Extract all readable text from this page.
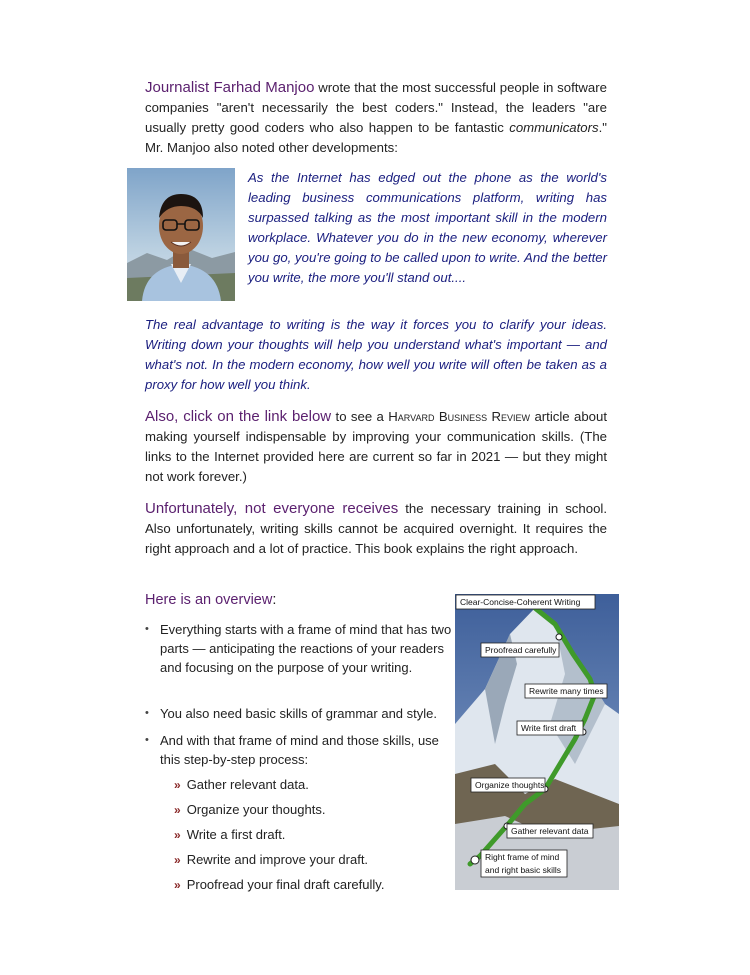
Journalist Farhad Manjoo wrote that the most successful people in software companies "aren't necessarily the best coders." Instead, the leaders "are usually pretty good coders who also happen to be fantastic communicators." Mr. Manjoo also noted other developments:
As the Internet has edged out the phone as the world's leading business communications platform, writing has surpassed talking as the most important skill in the modern workplace. Whatever you do in the new economy, wherever you go, you're going to be called upon to write. And the better you write, the more you'll stand out....
The real advantage to writing is the way it forces you to clarify your ideas. Writing down your thoughts will help you understand what's important — and what's not. In the modern economy, how well you write will often be taken as a proxy for how well you think.
Also, click on the link below to see a Harvard Business Review article about making yourself indispensable by improving your communication skills. (The links to the Internet provided here are current so far in 2021 — but they might not work forever.)
Unfortunately, not everyone receives the necessary training in school. Also unfortunately, writing skills cannot be acquired overnight. It requires the right approach and a lot of practice. This book explains the right approach.
Here is an overview:
• Everything starts with a frame of mind that has two parts — anticipating the reactions of your readers and focusing on the purpose of your writing.
• You also need basic skills of grammar and style.
• And with that frame of mind and those skills, use this step-by-step process:
» Gather relevant data.
» Organize your thoughts.
» Write a first draft.
» Rewrite and improve your draft.
» Proofread your final draft carefully.
Clear-Concise-Coherent Writing
Proofread carefully
Rewrite many times
Write first draft
Organize thoughts
Gather relevant data
Right frame of mind
and right basic skills
